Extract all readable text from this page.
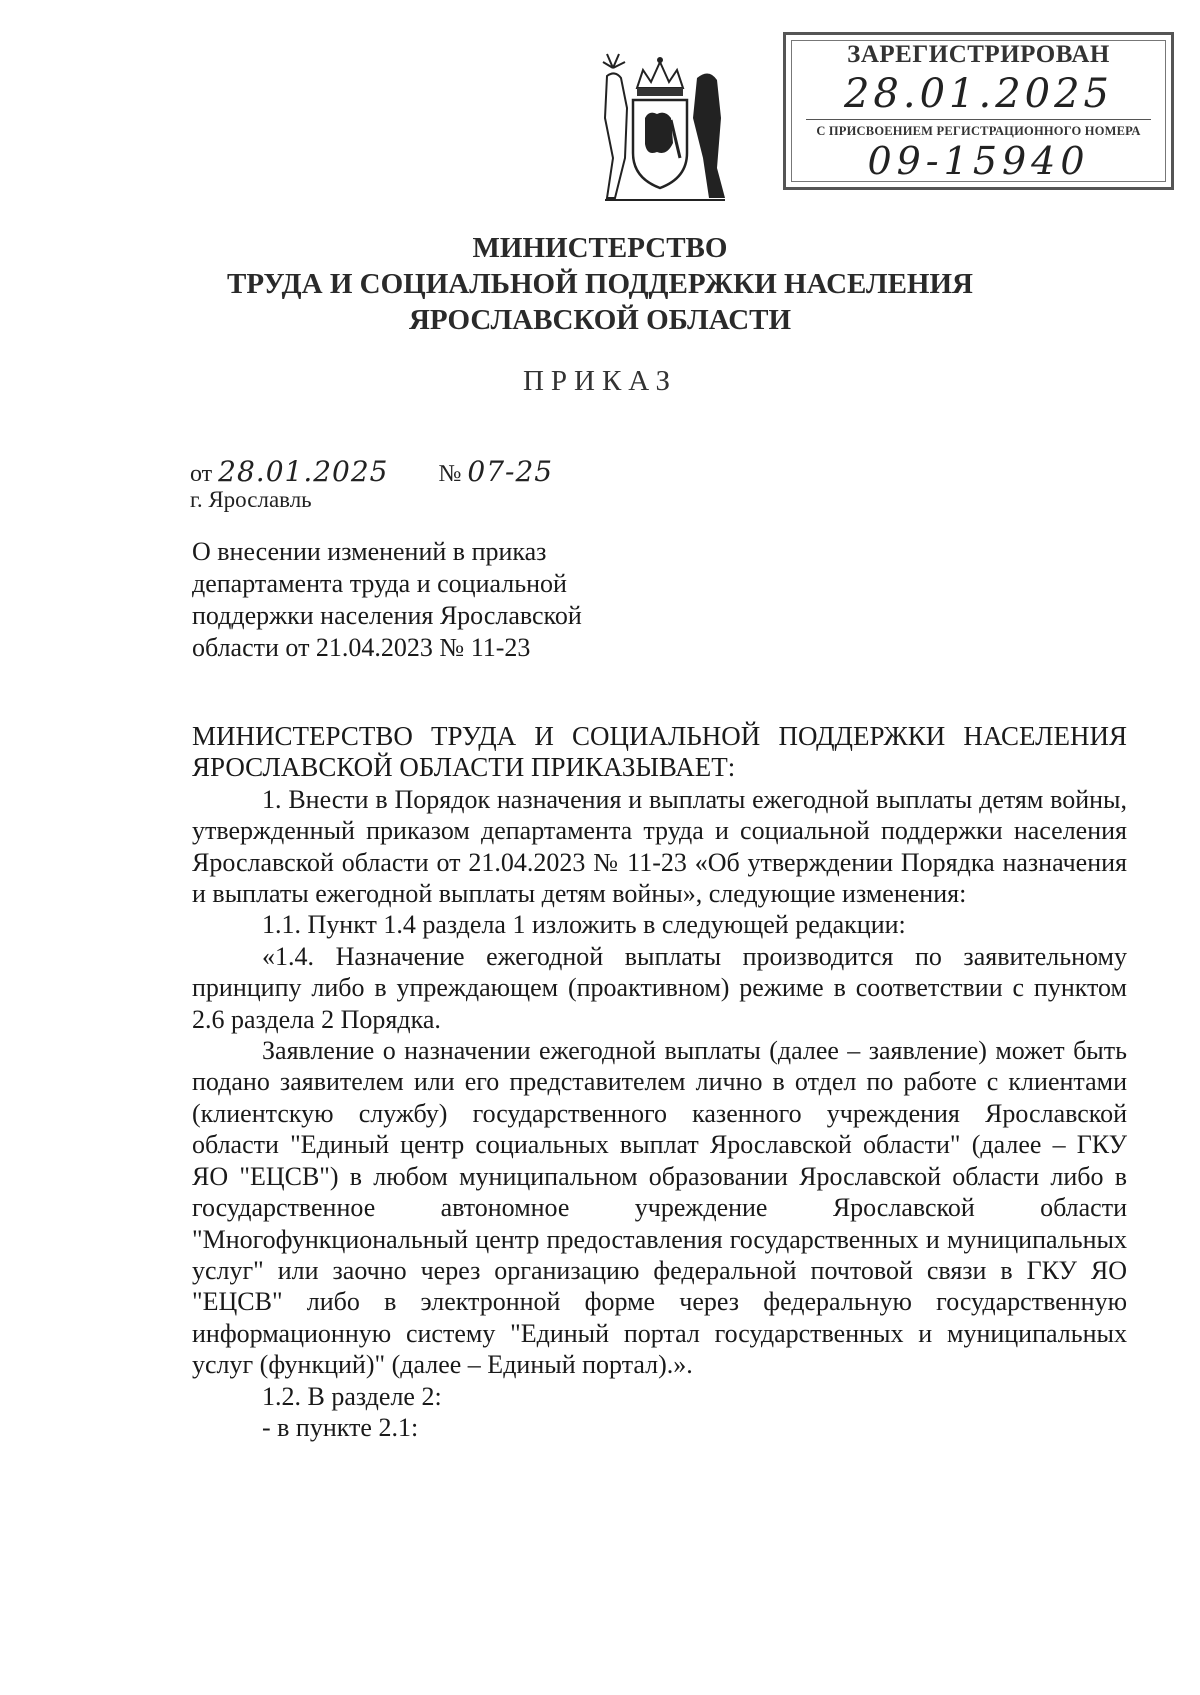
ЗАРЕГИСТРИРОВАН
28.01.2025
С ПРИСВОЕНИЕМ РЕГИСТРАЦИОННОГО НОМЕРА
09-15940
МИНИСТЕРСТВО
ТРУДА И СОЦИАЛЬНОЙ ПОДДЕРЖКИ НАСЕЛЕНИЯ
ЯРОСЛАВСКОЙ ОБЛАСТИ
ПРИКАЗ
от 28.01.2025 № 07-25
г. Ярославль
О внесении изменений в приказ
департамента труда и социальной
поддержки населения Ярославской
области от 21.04.2023 № 11-23

МИНИСТЕРСТВО ТРУДА И СОЦИАЛЬНОЙ ПОДДЕРЖКИ НАСЕЛЕНИЯ ЯРОСЛАВСКОЙ ОБЛАСТИ ПРИКАЗЫВАЕТ:

1. Внести в Порядок назначения и выплаты ежегодной выплаты детям войны, утвержденный приказом департамента труда и социальной поддержки населения Ярославской области от 21.04.2023 № 11-23 «Об утверждении Порядка назначения и выплаты ежегодной выплаты детям войны», следующие изменения:

1.1. Пункт 1.4 раздела 1 изложить в следующей редакции:

«1.4. Назначение ежегодной выплаты производится по заявительному принципу либо в упреждающем (проактивном) режиме в соответствии с пунктом 2.6 раздела 2 Порядка.

Заявление о назначении ежегодной выплаты (далее – заявление) может быть подано заявителем или его представителем лично в отдел по работе с клиентами (клиентскую службу) государственного казенного учреждения Ярославской области "Единый центр социальных выплат Ярославской области" (далее – ГКУ ЯО "ЕЦСВ") в любом муниципальном образовании Ярославской области либо в государственное автономное учреждение Ярославской области "Многофункциональный центр предоставления государственных и муниципальных услуг" или заочно через организацию федеральной почтовой связи в ГКУ ЯО "ЕЦСВ" либо в электронной форме через федеральную государственную информационную систему "Единый портал государственных и муниципальных услуг (функций)" (далее – Единый портал).».

1.2. В разделе 2:

- в пункте 2.1:
